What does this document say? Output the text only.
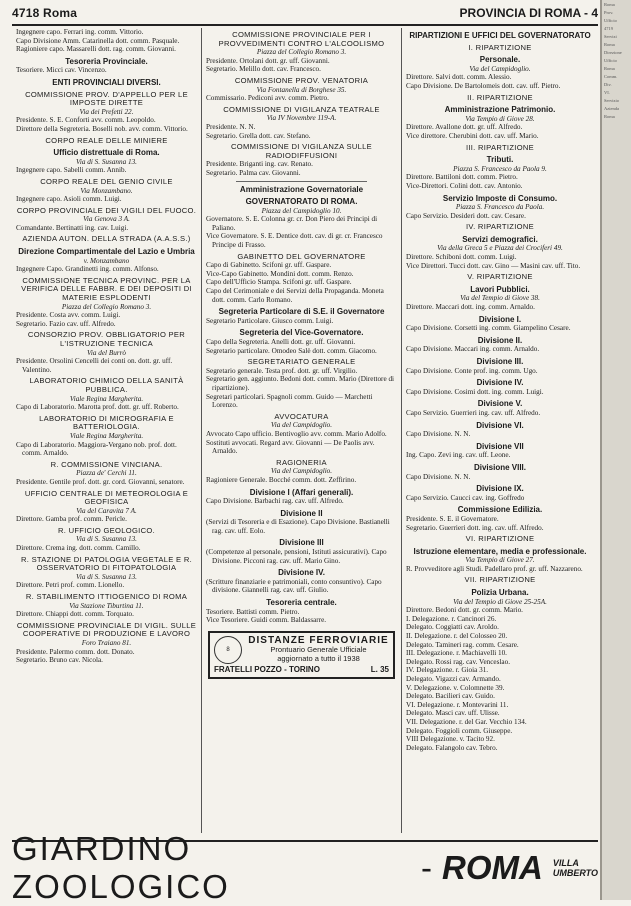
4718 Roma	PROVINCIA DI ROMA - 4
Ingegnere capo. Ferrari ing. comm. Vittorio.
Capo Divisione Amm. Catarinella dott. comm. Pasquale.
Ragioniere capo. Massarelli dott. rag. comm. Giovanni.
Tesoreria Provinciale.
Tesoriere. Micci cav. Vincenzo.
ENTI PROVINCIALI DIVERSI.
COMMISSIONE PROV. D'APPELLO PER LE IMPOSTE DIRETTE
Via dei Prefetti 22.
Presidente. S. E. Conforti avv. comm. Leopoldo.
Direttore della Segreteria. Boselli nob. avv. comm. Vittorio.
CORPO REALE DELLE MINIERE
Ufficio distrettuale di Roma.
Via di S. Susanna 13.
Ingegnere capo. Sabelli comm. Annib.
CORPO REALE DEL GENIO CIVILE
Via Monzambano.
Ingegnere capo. Asioli comm. Luigi.
CORPO PROVINCIALE DEI VIGILI DEL FUOCO.
Via Genova 3 A.
Comandante. Bertinatti ing. cav. Luigi.
AZIENDA AUTON. DELLA STRADA (A.A.S.S.)
Direzione Compartimentale del Lazio e Umbria
v. Monzambano
Ingegnere Capo. Grandinetti ing. comm. Alfonso.
COMMISSIONE TECNICA PROVINC. PER LA VERIFICA DELLE FABBR. E DEI DEPOSITI DI MATERIE ESPLODENTI
Piazza del Collegio Romano 3.
Presidente. Costa avv. comm. Luigi.
Segretario. Fazio cav. uff. Alfredo.
CONSORZIO PROV. OBBLIGATORIO PER L'ISTRUZIONE TECNICA
Via del Burrò
Presidente. Orsolini Cencelli dei conti on. dott. gr. uff. Valentino.
LABORATORIO CHIMICO DELLA SANITÀ PUBBLICA.
Viale Regina Margherita.
Capo di Laboratorio. Marotta prof. dott. gr. uff. Roberto.
LABORATORIO DI MICROGRAFIA E BATTERIOLOGIA.
Viale Regina Margherita.
Capo di Laboratorio. Maggiora-Vergano nob. prof. dott. comm. Arnaldo.
R. COMMISSIONE VINCIANA.
Piazza de' Cerchi 11.
Presidente. Gentile prof. dott. gr. cord. Giovanni, senatore.
UFFICIO CENTRALE DI METEOROLOGIA E GEOFISICA
Via del Caravita 7 A.
Direttore. Gamba prof. comm. Pericle.
R. UFFICIO GEOLOGICO.
Via di S. Susanna 13.
Direttore. Crema ing. dott. comm. Camillo.
R. STAZIONE DI PATOLOGIA VEGETALE E R. OSSERVATORIO DI FITOPATOLOGIA
Via di S. Susanna 13.
Direttore. Petri prof. comm. Lionello.
R. STABILIMENTO ITTIOGENICO DI ROMA
Via Stazione Tiburtina 11.
Direttore. Chiappi dott. comm. Torquato.
COMMISSIONE PROVINCIALE DI VIGIL. SULLE COOPERATIVE DI PRODUZIONE E LAVORO
Foro Traiano 81.
Presidente. Palermo comm. dott. Donato.
Segretario. Bruno cav. Nicola.
COMMISSIONE PROVINCIALE PER I PROVVEDIMENTI CONTRO L'ALCOOLISMO
Piazza del Collegio Romano 3.
Presidente. Ortolani dott. gr. uff. Giovanni.
Segretario. Melillo dott. cav. Francesco.
COMMISSIONE PROV. VENATORIA
Via Fontanella di Borghese 35.
Commissario. Pediconi avv. comm. Pietro.
COMMISSIONE DI VIGILANZA TEATRALE
Via IV Novembre 119-A.
Presidente. N. N.
Segretario. Grella dott. cav. Stefano.
COMMISSIONE DI VIGILANZA SULLE RADIODIFFUSIONI
Presidente. Briganti ing. cav. Renato.
Segretario. Palma cav. Giovanni.
Amministrazione Governatoriale
GOVERNATORATO DI ROMA.
Piazza del Campidoglio 10.
Governatore. S. E. Colonna gr. cr. Don Piero dei Principi di Paliano.
Vice Governatore. S. E. Dentice dott. cav. di gr. cr. Francesco Principe di Frasso.
GABINETTO DEL GOVERNATORE
Capo di Gabinetto. Scifoni gr. uff. Gaspare.
Vice-Capo Gabinetto. Mondini dott. comm. Renzo.
Capo dell'Ufficio Stampa. Scifoni gr. uff. Gaspare.
Capo del Cerimoniale e dei Servizi della Propaganda. Moneta dott. comm. Carlo Romano.
Segreteria Particolare di S.E. il Governatore
Segretario Particolare. Giusco comm. Luigi.
Segreteria del Vice-Governatore.
Capo della Segreteria. Anelli dott. gr. uff. Giovanni.
Segretario particolare. Omodeo Salè dott. comm. Giacomo.
SEGRETARIATO GENERALE
Segretario generale. Testa prof. dott. gr. uff. Virgilio.
Segretario gen. aggiunto. Bedoni dott. comm. Mario (Direttore di ripartizione).
Segretari particolari. Spagnoli comm. Guido — Marchetti Lorenzo.
AVVOCATURA
Via del Campidoglio.
Avvocato Capo ufficio. Bentivoglio avv. comm. Mario Adolfo.
Sostituti avvocati. Regard avv. Giovanni — De Paolis avv. Arnaldo.
RAGIONERIA
Via del Campidoglio.
Ragioniere Generale. Bocché comm. dott. Zeffirino.
Divisione I (Affari generali).
Capo Divisione. Barbachi rag. cav. uff. Alfredo.
Divisione II
(Servizi di Tesoreria e di Esazione). Capo Divisione. Bastianelli rag. cav. uff. Eolo.
Divisione III
(Competenze al personale, pensioni, Istituti assicurativi). Capo Divisione. Picconi rag. cav. uff. Mario Gino.
Divisione IV.
(Scritture finanziarie e patrimoniali, conto consuntivo). Capo divisione. Giannelli rag. cav. uff. Giulio.
Tesoreria centrale.
Tesoriere. Battisti comm. Pietro.
Vice Tesoriere. Guidi comm. Baldassarre.
8
DISTANZE FERROVIARIE
Prontuario Generale Ufficiale
aggiornato a tutto il 1938
FRATELLI POZZO - TORINO	L. 35
RIPARTIZIONI E UFFICI DEL GOVERNATORATO
I. RIPARTIZIONE
Personale.
Via del Campidoglio.
Direttore. Salvi dott. comm. Alessio.
Capo Divisione. De Bartolomeis dott. cav. uff. Pietro.
II. RIPARTIZIONE
Amministrazione Patrimonio.
Via Tempio di Giove 28.
Direttore. Avallone dott. gr. uff. Alfredo.
Vice direttore. Cherubini dott. cav. uff. Mario.
III. RIPARTIZIONE
Tributi.
Piazza S. Francesco da Paola 9.
Direttore. Battiloni dott. comm. Pietro.
Vice-Direttori. Colini dott. cav. Antonio.
Servizio Imposte di Consumo.
Piazza S. Francesco da Paola.
Capo Servizio. Desideri dott. cav. Cesare.
IV. RIPARTIZIONE
Servizi demografici.
Via della Greca 5 e Piazza dei Crociferi 49.
Direttore. Schiboni dott. comm. Luigi.
Vice Direttori. Tucci dott. cav. Gino — Masini cav. uff. Tito.
V. RIPARTIZIONE
Lavori Pubblici.
Via del Tempio di Giove 38.
Direttore. Maccari dott. ing. comm. Arnaldo.
Divisione I.
Capo Divisione. Corsetti ing. comm. Giampelino Cesare.
Divisione II.
Capo Divisione. Maccari ing. comm. Arnaldo.
Divisione III.
Capo Divisione. Conte prof. ing. comm. Ugo.
Divisione IV.
Capo Divisione. Cosimi dott. ing. comm. Luigi.
Divisione V.
Capo Servizio. Guerrieri ing. cav. uff. Alfredo.
Divisione VI.
Capo Divisione. N. N.
Divisione VII
Ing. Capo. Zevi ing. cav. uff. Leone.
Divisione VIII.
Capo Divisione. N. N.
Divisione IX.
Capo Servizio. Caucci cav. ing. Goffredo
Commissione Edilizia.
Presidente. S. E. il Governatore.
Segretario. Guerrieri dott. ing. cav. uff. Alfredo.
VI. RIPARTIZIONE
Istruzione elementare, media e professionale.
Via Tempio di Giove 27.
R. Provveditore agli Studi. Padellaro prof. gr. uff. Nazzareno.
VII. RIPARTIZIONE
Polizia Urbana.
Via del Tempio di Giove 25-25A.
Direttore. Bedoni dott. gr. comm. Mario.
I. Delegazione. r. Cancinori 26.
Delegato. Coggiatti cav. Aroldo.
II. Delegazione. r. del Colosseo 20.
Delegato. Tamineri rag. comm. Cesare.
III. Delegazione. r. Machiavelli 10.
Delegato. Rossi rag. cav. Venceslao.
IV. Delegazione. r. Gioia 31.
Delegato. Vigazzi cav. Armando.
V. Delegazione. v. Colomnette 39.
Delegato. Bacilieri cav. Guido.
VI. Delegazione. r. Montevarini 11.
Delegato. Masci cav. uff. Ulisse.
VII. Delegazione. r. del Gar. Vecchio 134.
Delegato. Foggioli comm. Giuseppe.
VIII Delegazione. v. Tacito 92.
Delegato. Falangolo cav. Tebro.
GIARDINO ZOOLOGICO
- ROMA VILLA
UMBERTO
Roma
Prov.
Ufficio
4719
Servizi
Roma
Direzione
Ufficio
Roma
Comm.
Div.
VI.
Servizio
Azienda
Roma
